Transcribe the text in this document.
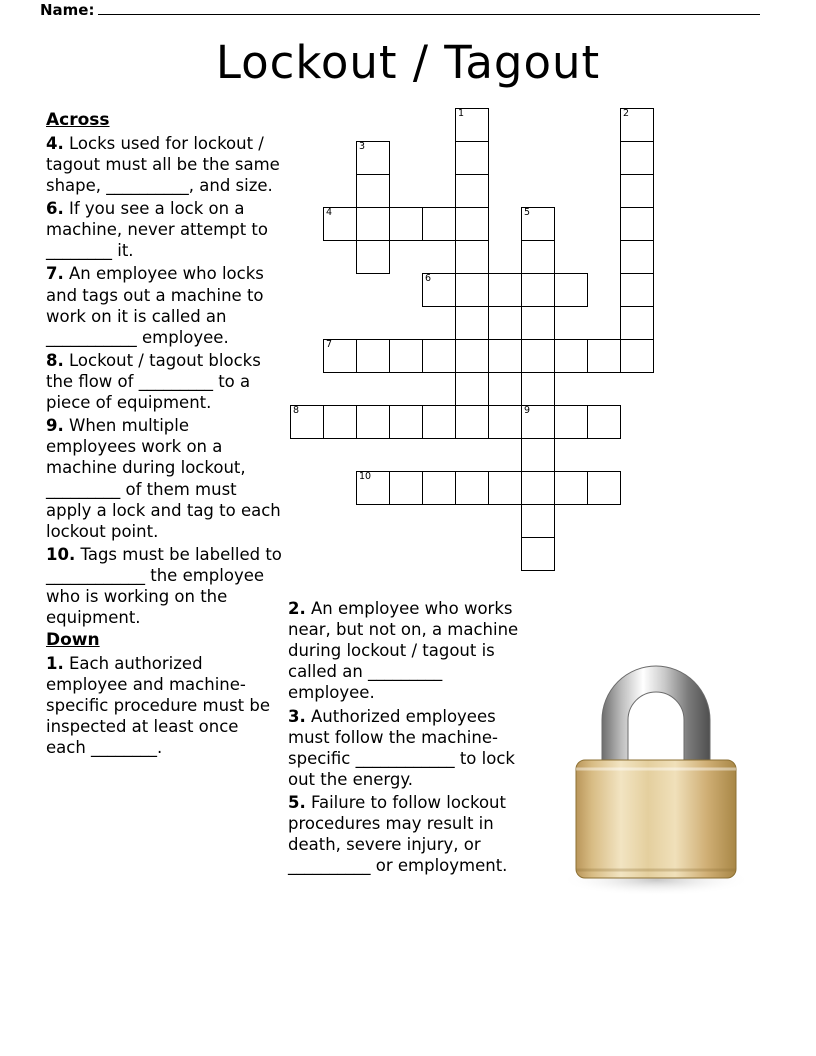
Name:
Lockout / Tagout
Across
4. Locks used for lockout / tagout must all be the same shape, __________, and size.
6. If you see a lock on a machine, never attempt to ________ it.
7. An employee who locks and tags out a machine to work on it is called an ___________ employee.
8. Lockout / tagout blocks the flow of _________ to a piece of equipment.
9. When multiple employees work on a machine during lockout, _________ of them must apply a lock and tag to each lockout point.
10. Tags must be labelled to ____________ the employee who is working on the equipment.
Down
1. Each authorized employee and machine-specific procedure must be inspected at least once each ________.
2. An employee who works near, but not on, a machine during lockout / tagout is called an _________ employee.
3. Authorized employees must follow the machine-specific ____________ to lock out the energy.
5. Failure to follow lockout procedures may result in death, severe injury, or __________ or employment.
1	2
3
4	5
6
7
8	9
10
